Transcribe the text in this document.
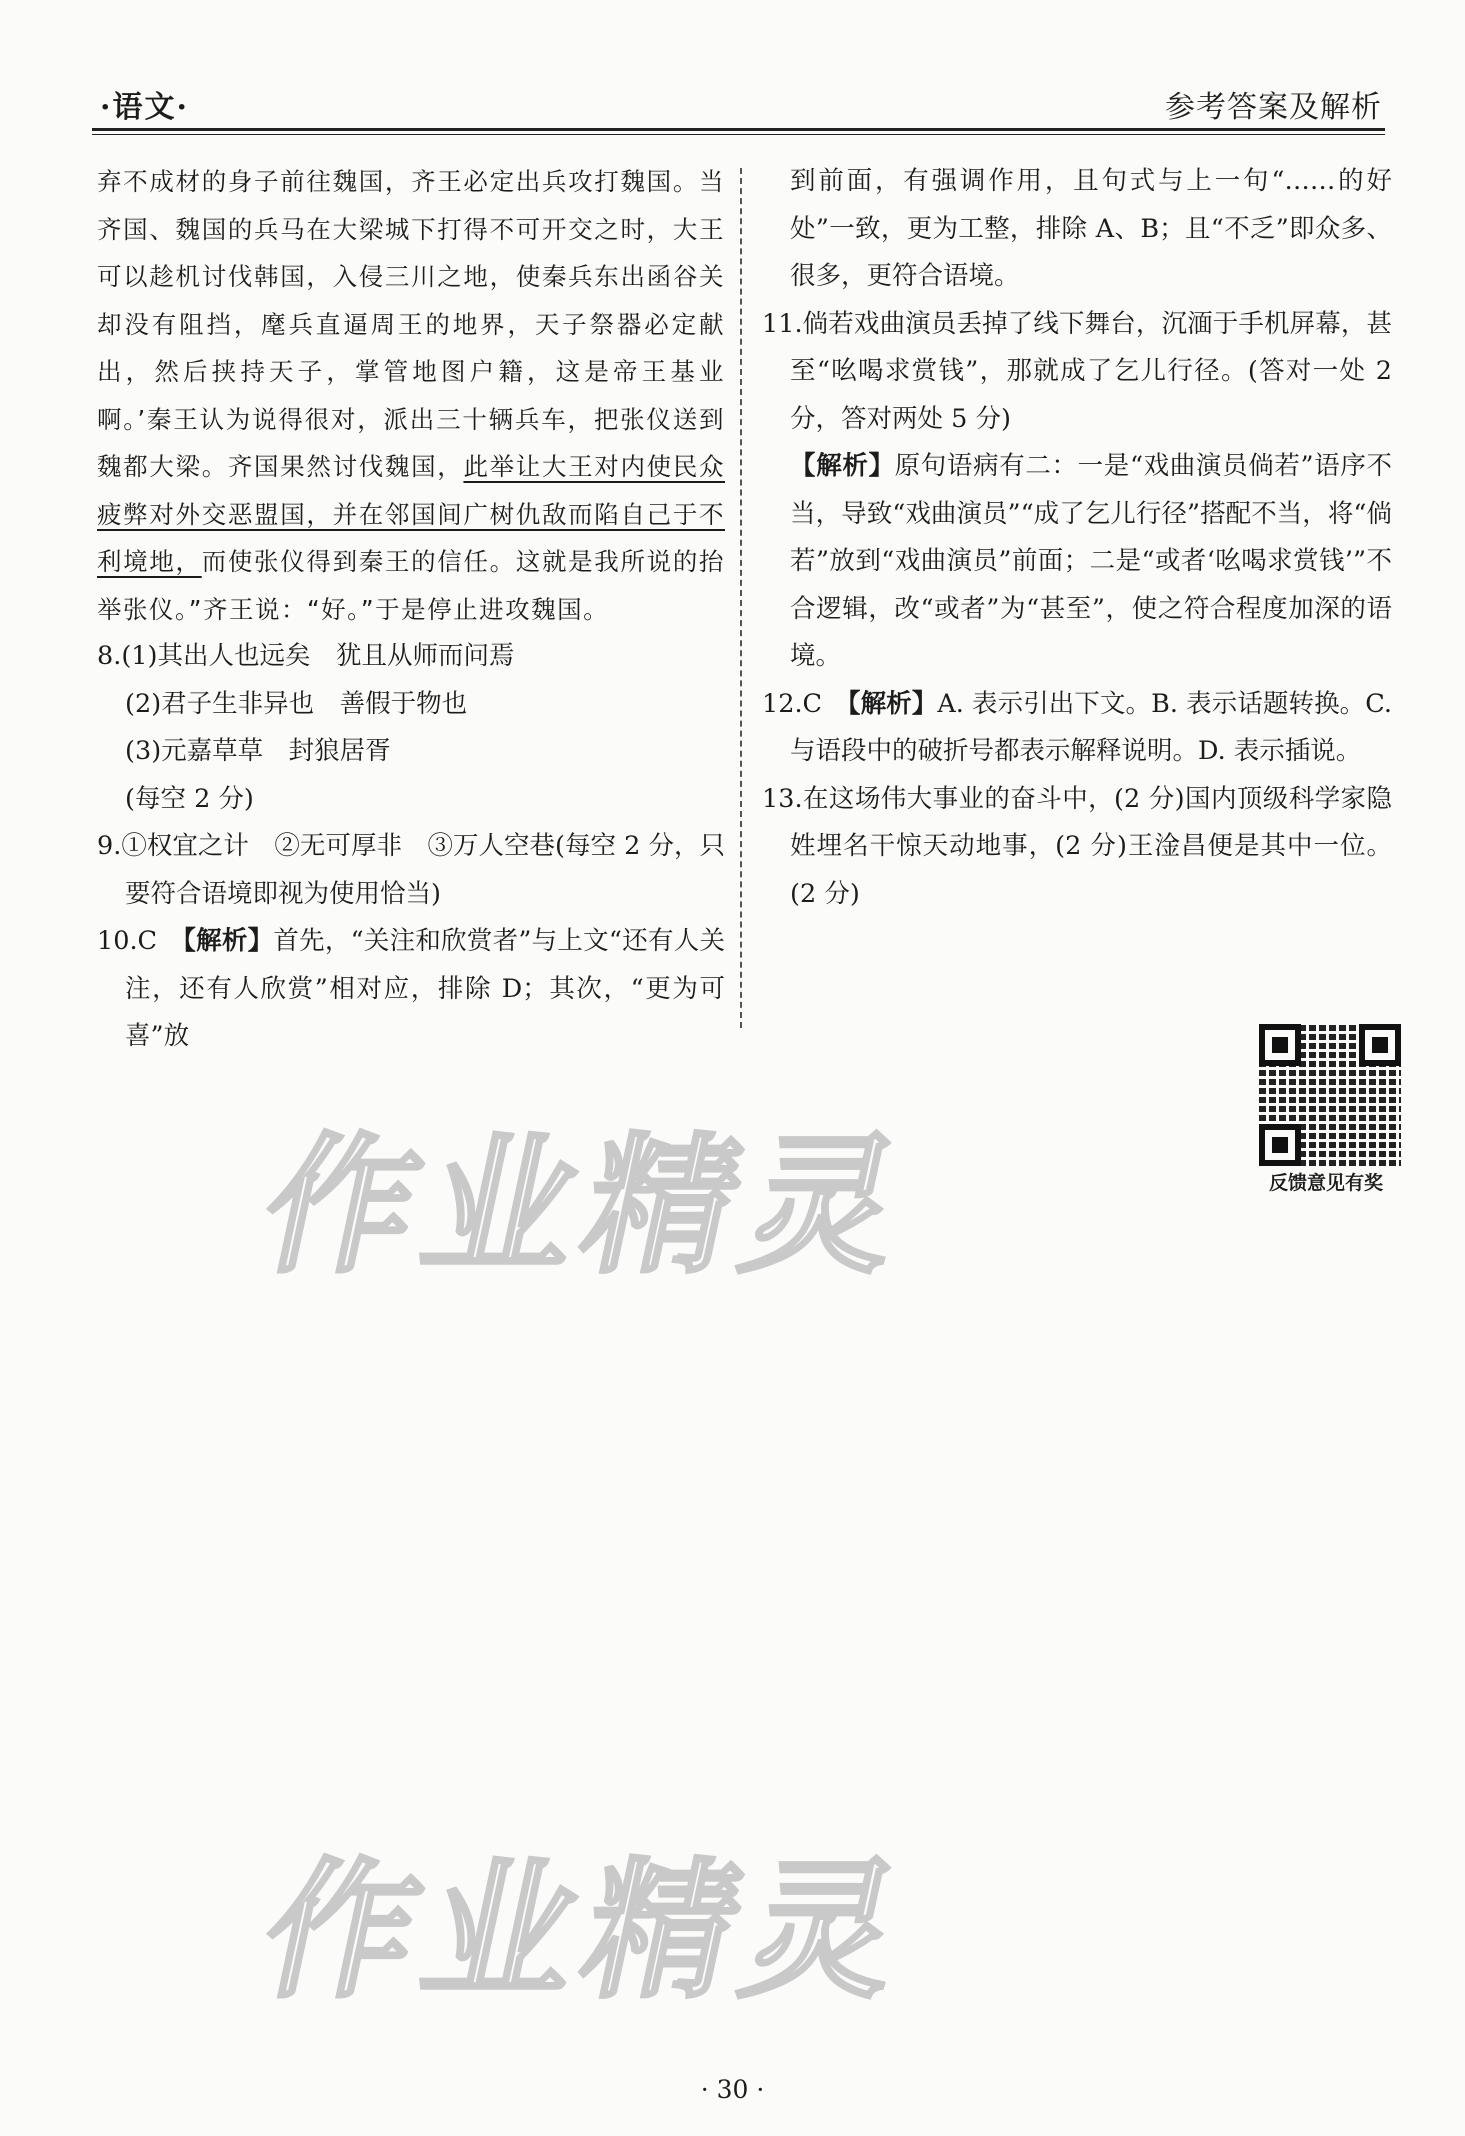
·语文·	参考答案及解析

弃不成材的身子前往魏国，齐王必定出兵攻打魏国。当齐国、魏国的兵马在大梁城下打得不可开交之时，大王可以趁机讨伐韩国，入侵三川之地，使秦兵东出函谷关却没有阻挡，麾兵直逼周王的地界，天子祭器必定献出，然后挟持天子，掌管地图户籍，这是帝王基业啊。’秦王认为说得很对，派出三十辆兵车，把张仪送到魏都大梁。齐国果然讨伐魏国，此举让大王对内使民众疲弊对外交恶盟国，并在邻国间广树仇敌而陷自己于不利境地，而使张仪得到秦王的信任。这就是我所说的抬举张仪。”齐王说：“好。”于是停止进攻魏国。

8.(1)其出人也远矣　犹且从师而问焉

(2)君子生非异也　善假于物也

(3)元嘉草草　封狼居胥

(每空 2 分)

9.①权宜之计　②无可厚非　③万人空巷(每空 2 分，只要符合语境即视为使用恰当)

10.C　【解析】首先，“关注和欣赏者”与上文“还有人关注，还有人欣赏”相对应，排除 D；其次，“更为可喜”放

到前面，有强调作用，且句式与上一句“……的好处”一致，更为工整，排除 A、B；且“不乏”即众多、很多，更符合语境。

11.倘若戏曲演员丢掉了线下舞台，沉湎于手机屏幕，甚至“吆喝求赏钱”，那就成了乞儿行径。(答对一处 2 分，答对两处 5 分)

【解析】原句语病有二：一是“戏曲演员倘若”语序不当，导致“戏曲演员”“成了乞儿行径”搭配不当，将“倘若”放到“戏曲演员”前面；二是“或者‘吆喝求赏钱’”不合逻辑，改“或者”为“甚至”，使之符合程度加深的语境。

12.C　【解析】A. 表示引出下文。B. 表示话题转换。C. 与语段中的破折号都表示解释说明。D. 表示插说。

13.在这场伟大事业的奋斗中，(2 分)国内顶级科学家隐姓埋名干惊天动地事，(2 分)王淦昌便是其中一位。(2 分)

反馈意见有奖
作业精灵
作业精灵
· 30 ·
